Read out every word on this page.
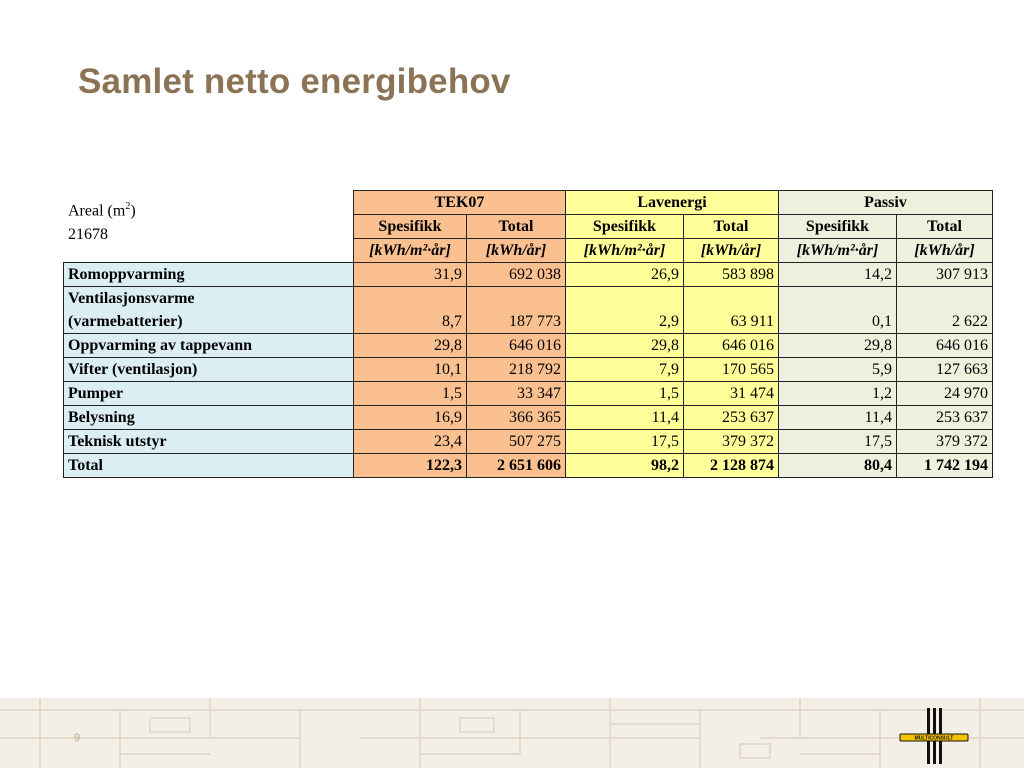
Samlet netto energibehov
Areal $(m^2)$
21678
	TEK07		Lavenergi		Passiv	
	Spesifikk	Total	Spesifikk	Total	Spesifikk	Total
	[kWh/m²·år]	[kWh/år]	[kWh/m²·år]	[kWh/år]	[kWh/m²·år]	[kWh/år]
Romoppvarming	31,9	692 038	26,9	583 898	14,2	307 913

Ventilasjonsvarme
(varmebatterier)	8,7	187 773	2,9	63 911	0,1	2 622
Oppvarming av tappevann	29,8	646 016	29,8	646 016	29,8	646 016
Vifter (ventilasjon)	10,1	218 792	7,9	170 565	5,9	127 663
Pumper	1,5	33 347	1,5	31 474	1,2	24 970
Belysning	16,9	366 365	11,4	253 637	11,4	253 637
Teknisk utstyr	23,4	507 275	17,5	379 372	17,5	379 372
Total	122,3	2 651 606	98,2	2 128 874	80,4	1 742 194
9	MULTICONSULT
